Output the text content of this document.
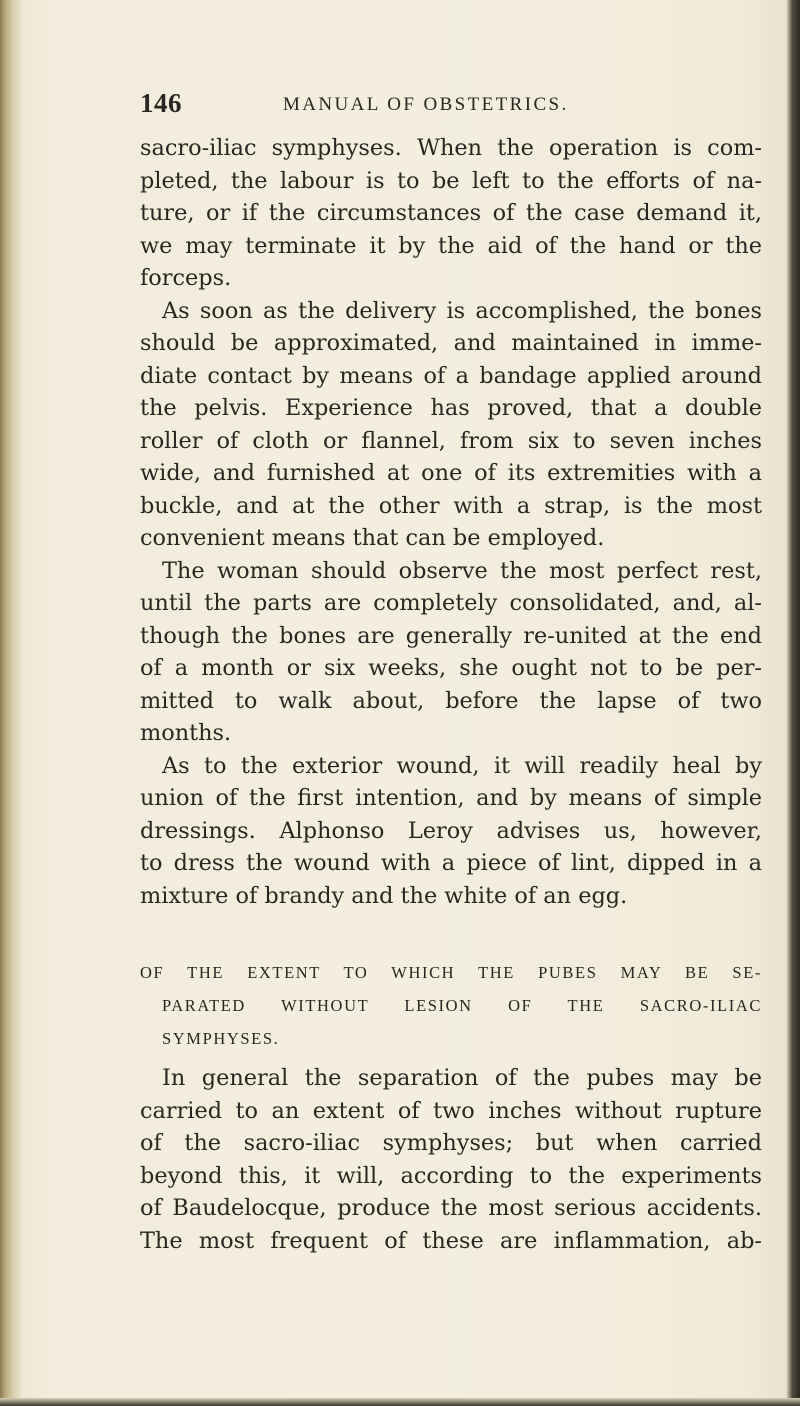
146	MANUAL OF OBSTETRICS.
sacro-iliac symphyses. When the operation is com-
pleted, the labour is to be left to the efforts of na-
ture, or if the circumstances of the case demand it,
we may terminate it by the aid of the hand or the
forceps.
As soon as the delivery is accomplished, the bones
should be approximated, and maintained in imme-
diate contact by means of a bandage applied around
the pelvis. Experience has proved, that a double
roller of cloth or flannel, from six to seven inches
wide, and furnished at one of its extremities with a
buckle, and at the other with a strap, is the most
convenient means that can be employed.
The woman should observe the most perfect rest,
until the parts are completely consolidated, and, al-
though the bones are generally re-united at the end
of a month or six weeks, she ought not to be per-
mitted to walk about, before the lapse of two
months.
As to the exterior wound, it will readily heal by
union of the first intention, and by means of simple
dressings. Alphonso Leroy advises us, however,
to dress the wound with a piece of lint, dipped in a
mixture of brandy and the white of an egg.
OF THE EXTENT TO WHICH THE PUBES MAY BE SE-
PARATED WITHOUT LESION OF THE SACRO-ILIAC
SYMPHYSES.
In general the separation of the pubes may be
carried to an extent of two inches without rupture
of the sacro-iliac symphyses; but when carried
beyond this, it will, according to the experiments
of Baudelocque, produce the most serious accidents.
The most frequent of these are inflammation, ab-
